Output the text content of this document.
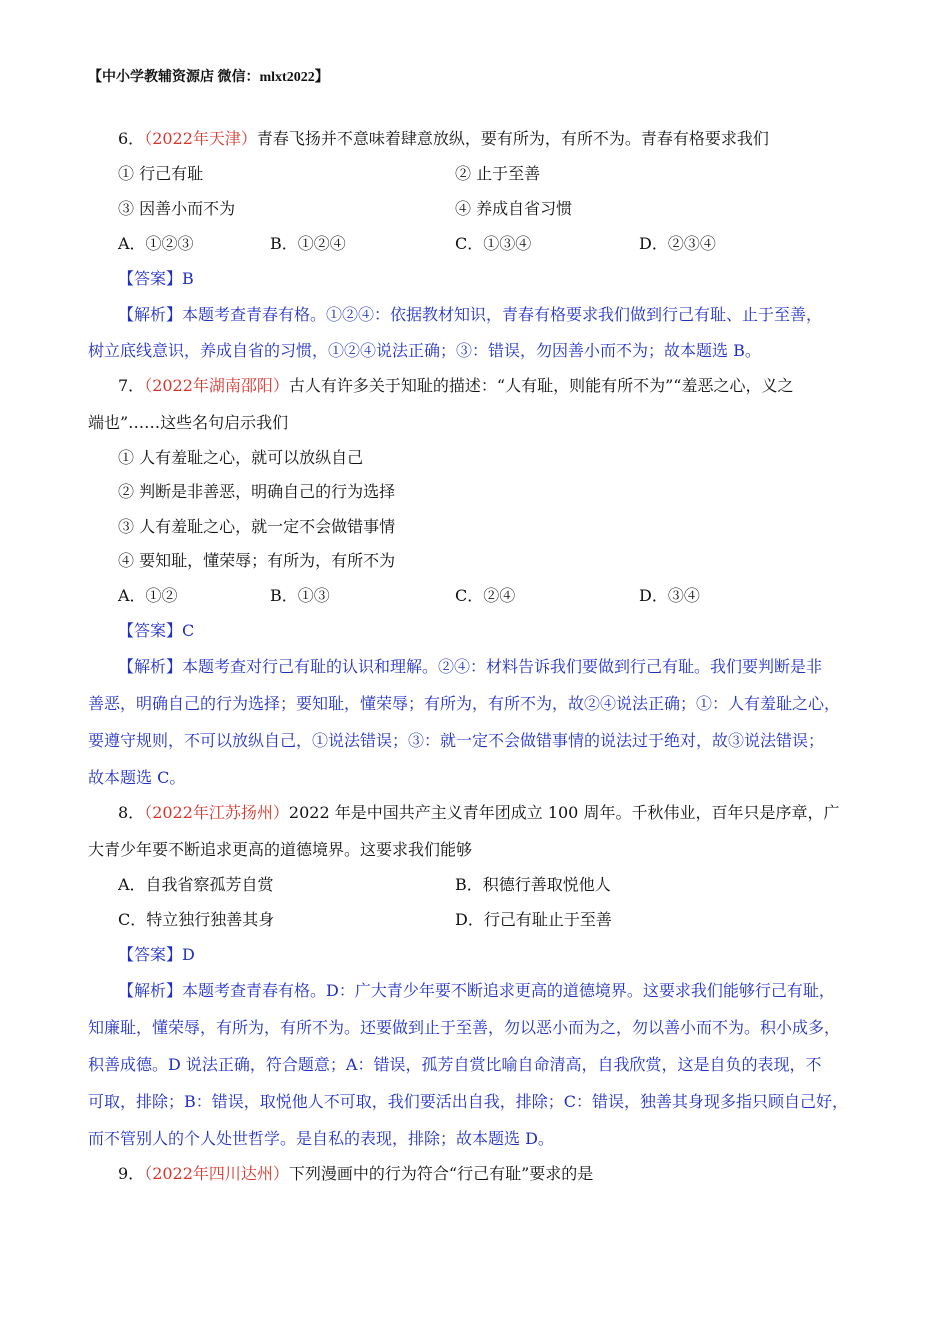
【中小学教辅资源店 微信：mlxt2022】
6．（2022年天津）青春飞扬并不意味着肆意放纵，要有所为，有所不为。青春有格要求我们
① 行己有耻	② 止于至善
③ 因善小而不为	④ 养成自省习惯
A．①②③	B．①②④	C．①③④	D．②③④
【答案】B
【解析】本题考查青春有格。①②④：依据教材知识，青春有格要求我们做到行己有耻、止于至善，
树立底线意识，养成自省的习惯，①②④说法正确；③：错误，勿因善小而不为；故本题选 B。
7．（2022年湖南邵阳）古人有许多关于知耻的描述：“人有耻，则能有所不为”“羞恶之心，义之
端也”……这些名句启示我们
① 人有羞耻之心，就可以放纵自己
② 判断是非善恶，明确自己的行为选择
③ 人有羞耻之心，就一定不会做错事情
④ 要知耻，懂荣辱；有所为，有所不为
A．①②	B．①③	C．②④	D．③④
【答案】C
【解析】本题考查对行己有耻的认识和理解。②④：材料告诉我们要做到行己有耻。我们要判断是非
善恶，明确自己的行为选择；要知耻，懂荣辱；有所为，有所不为，故②④说法正确；①：人有羞耻之心，
要遵守规则，不可以放纵自己，①说法错误；③：就一定不会做错事情的说法过于绝对，故③说法错误；
故本题选 C。
8．（2022年江苏扬州）2022 年是中国共产主义青年团成立 100 周年。千秋伟业，百年只是序章，广
大青少年要不断追求更高的道德境界。这要求我们能够
A．自我省察孤芳自赏	B．积德行善取悦他人
C．特立独行独善其身	D．行己有耻止于至善
【答案】D
【解析】本题考查青春有格。D：广大青少年要不断追求更高的道德境界。这要求我们能够行己有耻，
知廉耻，懂荣辱，有所为，有所不为。还要做到止于至善，勿以恶小而为之，勿以善小而不为。积小成多，
积善成德。D 说法正确，符合题意；A：错误，孤芳自赏比喻自命清高，自我欣赏，这是自负的表现，不
可取，排除；B：错误，取悦他人不可取，我们要活出自我，排除；C：错误，独善其身现多指只顾自己好，
而不管别人的个人处世哲学。是自私的表现，排除；故本题选 D。
9．（2022年四川达州）下列漫画中的行为符合“行己有耻”要求的是
